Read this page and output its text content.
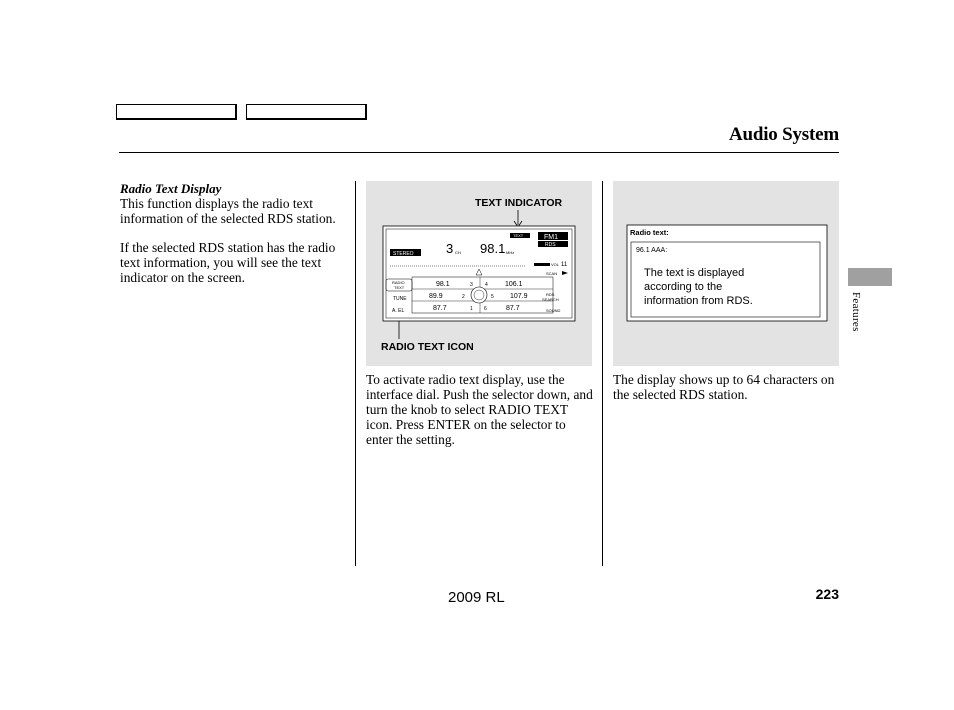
Audio System
Features
Radio Text Display
This function displays the radio text information of the selected RDS station.
If the selected RDS station has the radio text information, you will see the text indicator on the screen.
TEXT INDICATOR
RADIO TEXT ICON
STEREO 3 CH 98.1 MHz
TEXT	FM1
RDS
VOL 11
SCAN
98.1	3
89.9	2
87.7	1
4 106.1
5 107.9
6	87.7
RADIO
TEXT
TUNE
A. EL
RDS
SEARCH
SOUND
To activate radio text display, use the interface dial. Push the selector down, and turn the knob to select RADIO TEXT icon. Press ENTER on the selector to enter the setting.
Radio text:
96.1 AAA:
The text is displayed
according to the
information from RDS.
The display shows up to 64 characters on the selected RDS station.
2009 RL	223
